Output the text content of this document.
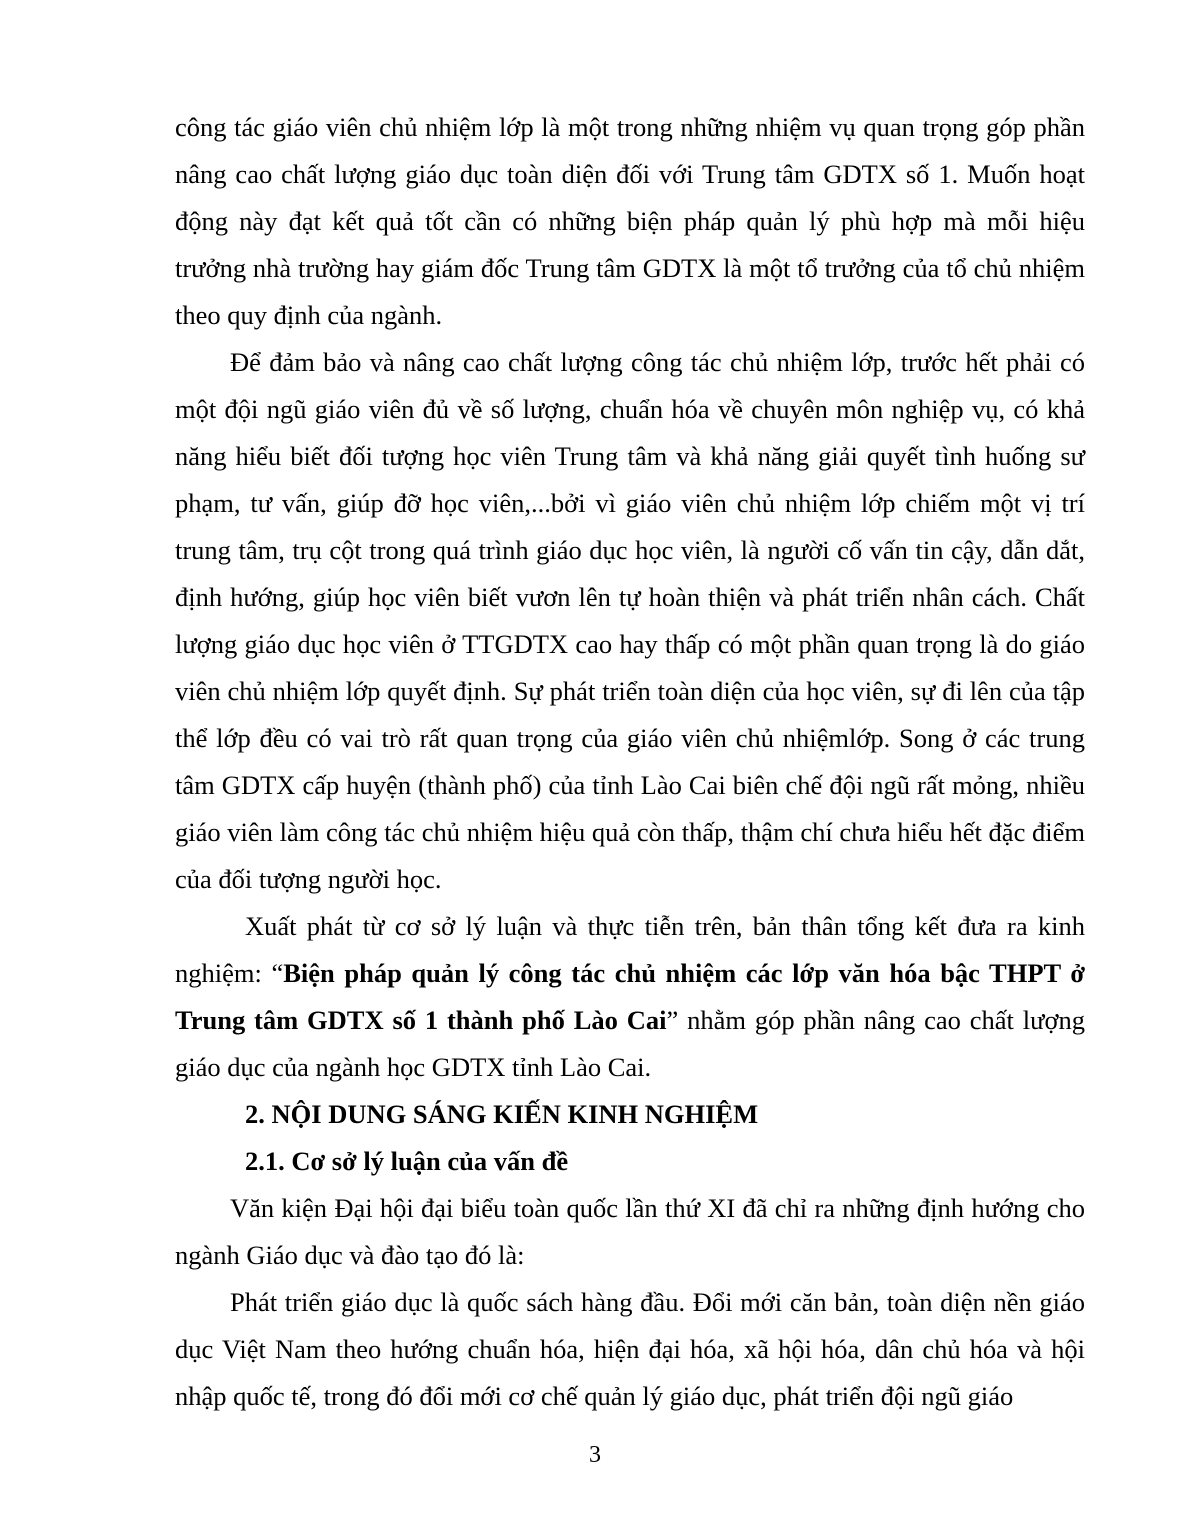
công tác giáo viên chủ nhiệm lớp là một trong những nhiệm vụ quan trọng góp phần nâng cao chất lượng giáo dục toàn diện đối với Trung tâm GDTX số 1. Muốn hoạt động này đạt kết quả tốt cần có những biện pháp quản lý phù hợp mà mỗi hiệu trưởng nhà trường hay giám đốc Trung tâm GDTX là một tổ trưởng của tổ chủ nhiệm theo quy định của ngành.

Để đảm bảo và nâng cao chất lượng công tác chủ nhiệm lớp, trước hết phải có một đội ngũ giáo viên đủ về số lượng, chuẩn hóa về chuyên môn nghiệp vụ, có khả năng hiểu biết đối tượng học viên Trung tâm và khả năng giải quyết tình huống sư phạm, tư vấn, giúp đỡ học viên,...bởi vì giáo viên chủ nhiệm lớp chiếm một vị trí trung tâm, trụ cột trong quá trình giáo dục học viên, là người cố vấn tin cậy, dẫn dắt, định hướng, giúp học viên biết vươn lên tự hoàn thiện và phát triển nhân cách. Chất lượng giáo dục học viên ở TTGDTX cao hay thấp có một phần quan trọng là do giáo viên chủ nhiệm lớp quyết định. Sự phát triển toàn diện của học viên, sự đi lên của tập thể lớp đều có vai trò rất quan trọng của giáo viên chủ nhiệmlớp. Song ở các trung tâm GDTX cấp huyện (thành phố) của tỉnh Lào Cai biên chế đội ngũ rất mỏng, nhiều giáo viên làm công tác chủ nhiệm hiệu quả còn thấp, thậm chí chưa hiểu hết đặc điểm của đối tượng người học.

Xuất phát từ cơ sở lý luận và thực tiễn trên, bản thân tổng kết đưa ra kinh nghiệm: “Biện pháp quản lý công tác chủ nhiệm các lớp văn hóa bậc THPT ở Trung tâm GDTX số 1 thành phố Lào Cai” nhằm góp phần nâng cao chất lượng giáo dục của ngành học GDTX tỉnh Lào Cai.

2. NỘI DUNG SÁNG KIẾN KINH NGHIỆM

2.1. Cơ sở lý luận của vấn đề

Văn kiện Đại hội đại biểu toàn quốc lần thứ XI đã chỉ ra những định hướng cho ngành Giáo dục và đào tạo đó là:

Phát triển giáo dục là quốc sách hàng đầu. Đổi mới căn bản, toàn diện nền giáo dục Việt Nam theo hướng chuẩn hóa, hiện đại hóa, xã hội hóa, dân chủ hóa và hội nhập quốc tế, trong đó đổi mới cơ chế quản lý giáo dục, phát triển đội ngũ giáo

3
